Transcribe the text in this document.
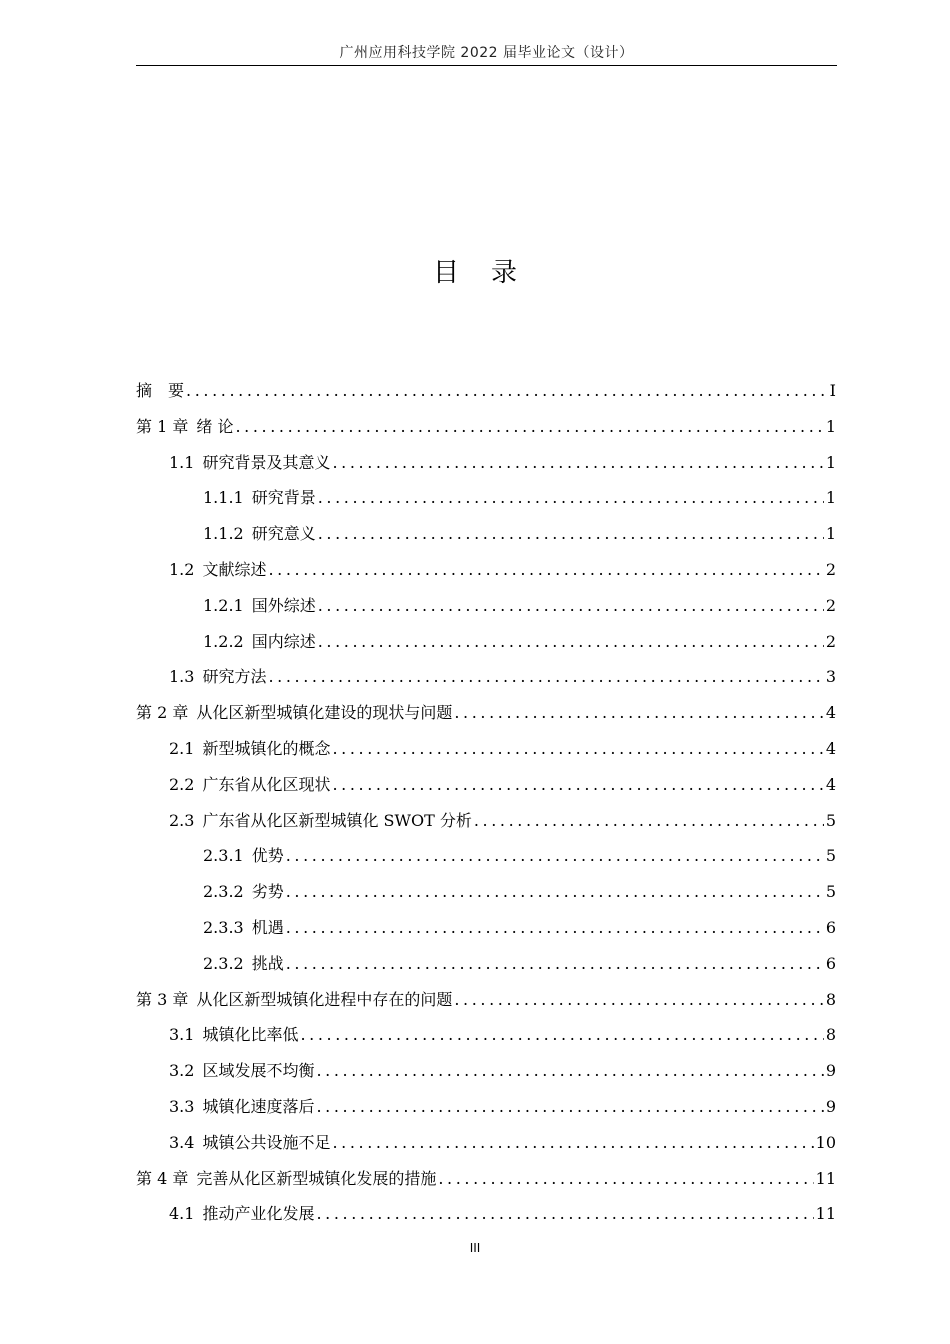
广州应用科技学院 2022 届毕业论文（设计）
目录
摘　要 .....	I
第 1 章 绪 论 .....	1
1.1 研究背景及其意义 .....	1
1.1.1 研究背景 .....	1
1.1.2 研究意义 .....	1
1.2 文献综述 .....	2
1.2.1 国外综述 .....	2
1.2.2 国内综述 .....	2
1.3 研究方法 .....	3
第 2 章 从化区新型城镇化建设的现状与问题 .....	4
2.1 新型城镇化的概念 .....	4
2.2 广东省从化区现状 .....	4
2.3 广东省从化区新型城镇化 SWOT 分析 .....	5
2.3.1 优势 .....	5
2.3.2 劣势 .....	5
2.3.3 机遇 .....	6
2.3.2 挑战 .....	6
第 3 章 从化区新型城镇化进程中存在的问题 .....	8
3.1 城镇化比率低 .....	8
3.2 区域发展不均衡 .....	9
3.3 城镇化速度落后 .....	9
3.4 城镇公共设施不足 .....	10
第 4 章 完善从化区新型城镇化发展的措施 .....	11
4.1 推动产业化发展 .....	11
III
